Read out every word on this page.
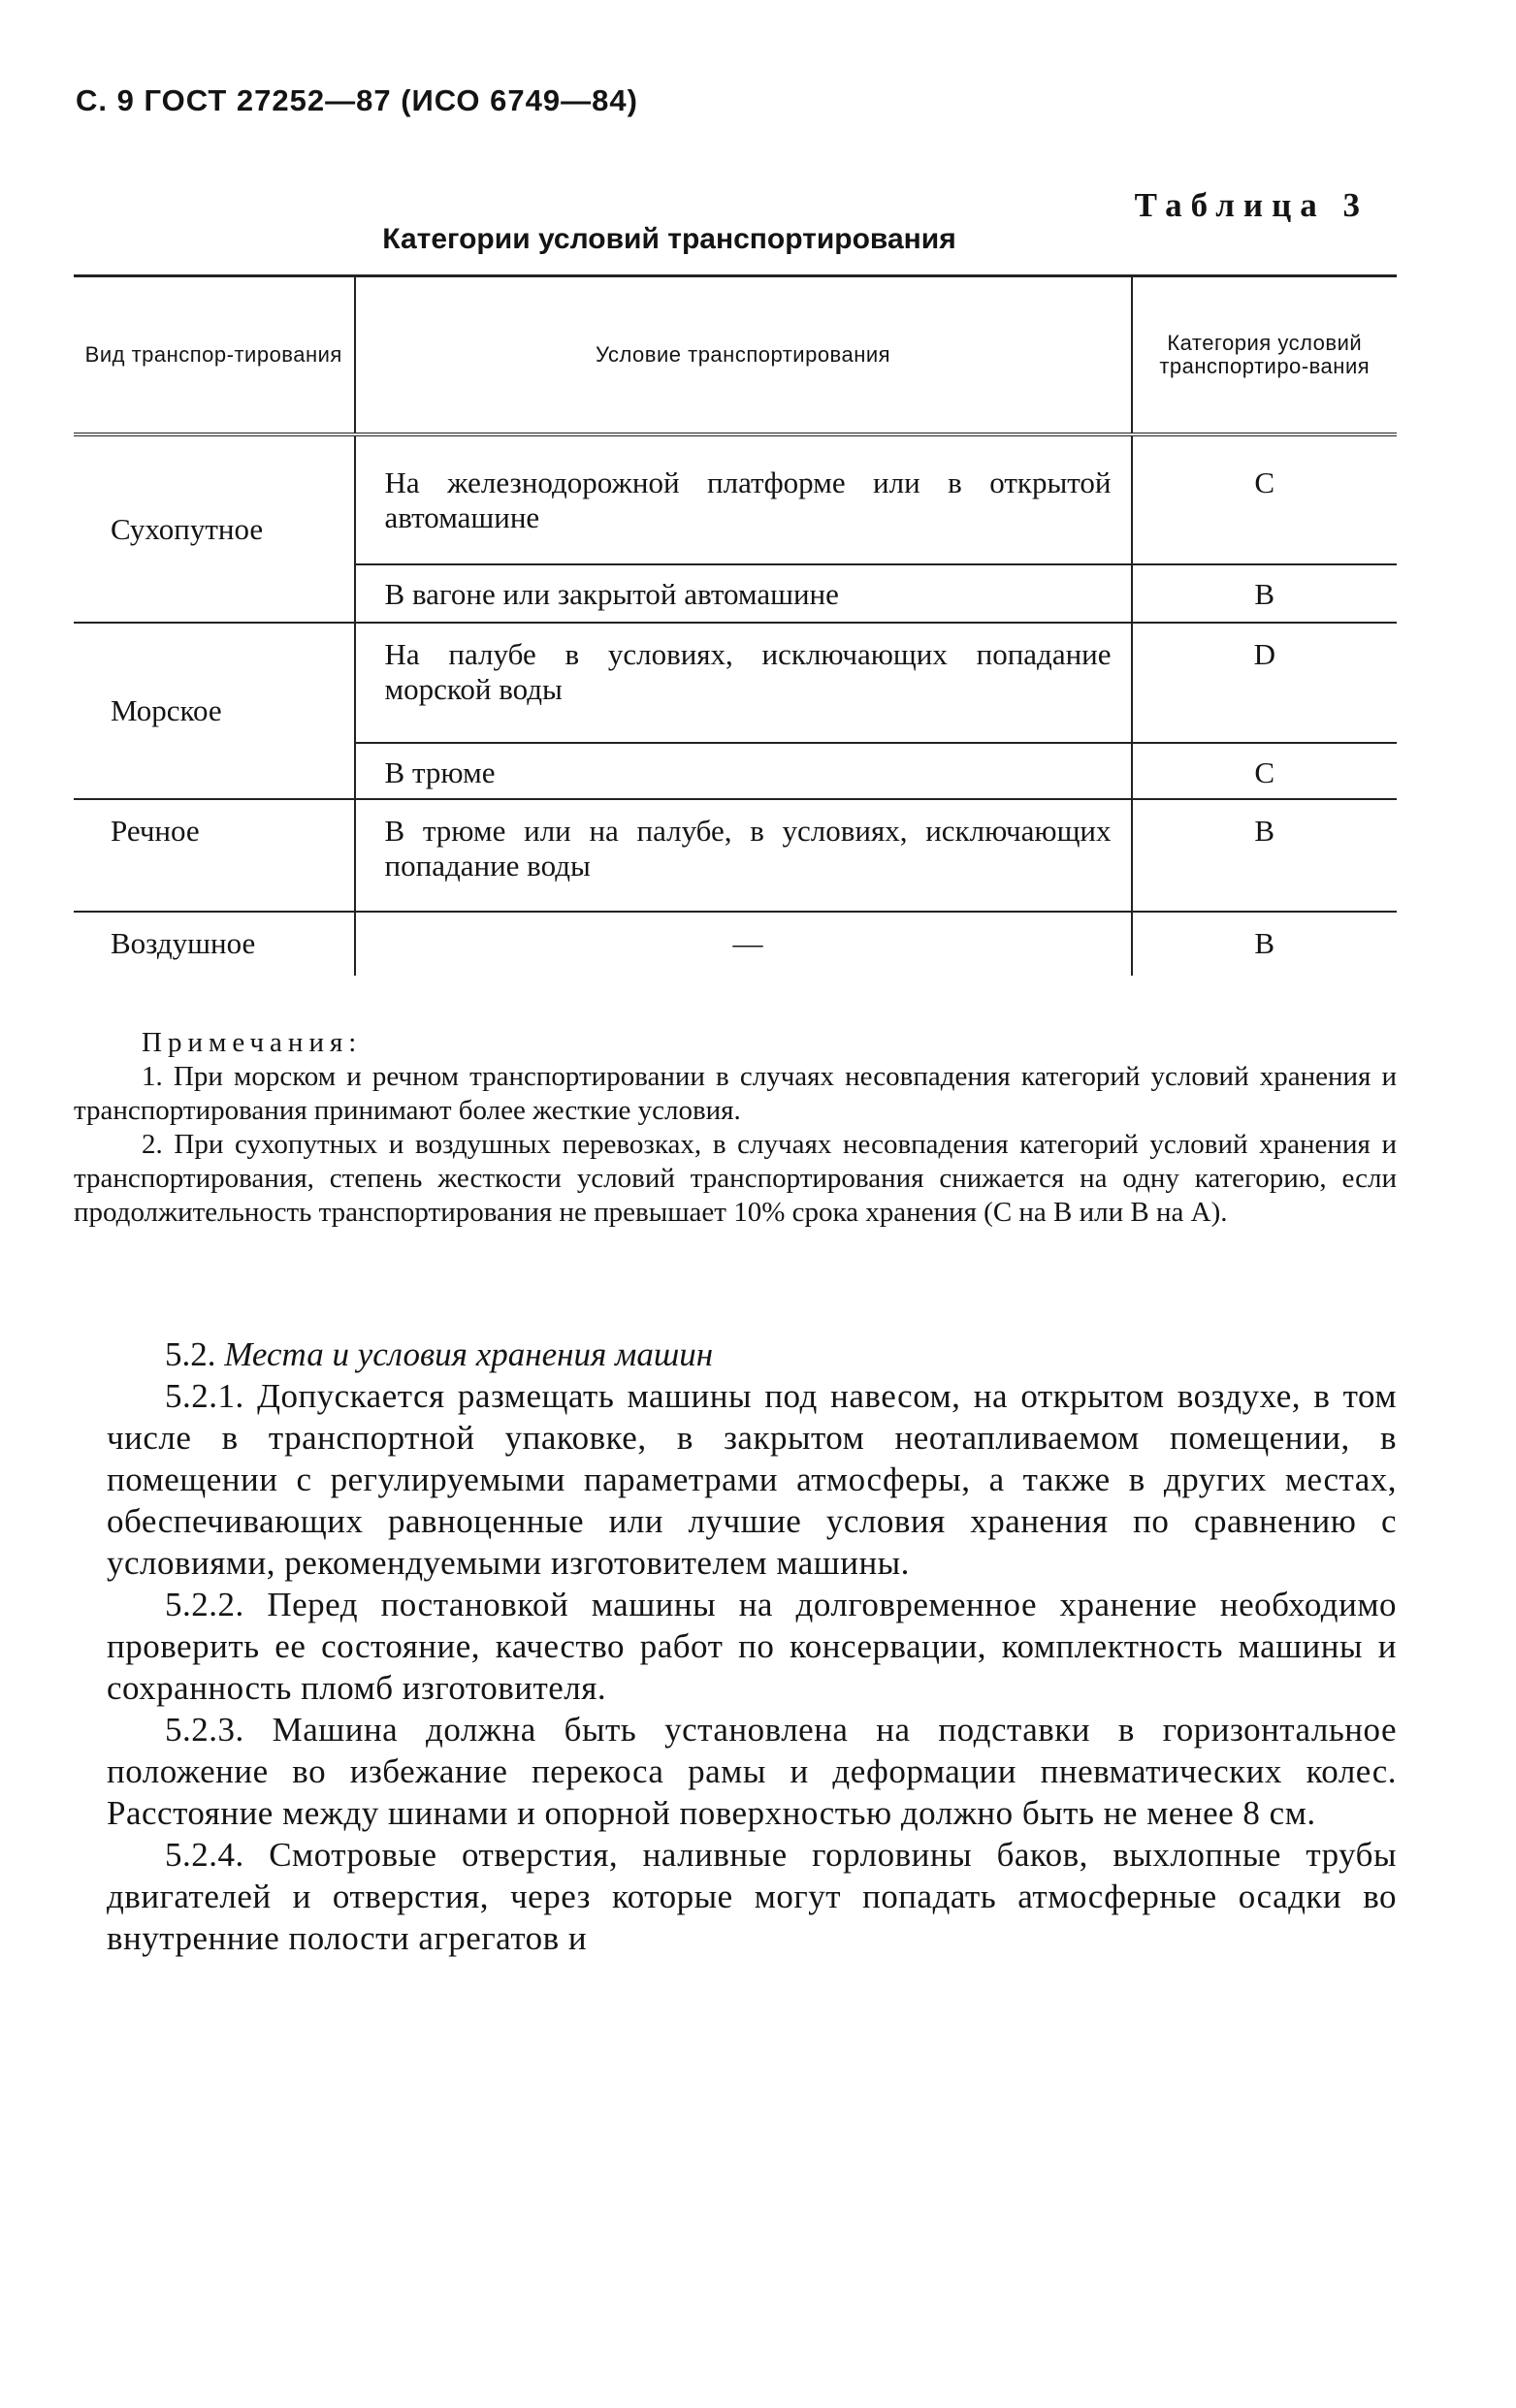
С. 9 ГОСТ 27252—87 (ИСО 6749—84)
Таблица 3
Категории условий транспортирования
Вид транспор-тирования	Условие транспортирования	Категория условий транспортиро-вания
Сухопутное	На железнодорожной платформе или в открытой автомашине	C
	В вагоне или закрытой автомашине	B
Морское	На палубе в условиях, исключающих попадание морской воды	D
	В трюме	C
Речное	В трюме или на палубе, в условиях, исключающих попадание воды	B
Воздушное	—	B
Примечания:

1. При морском и речном транспортировании в случаях несовпадения категорий условий хранения и транспортирования принимают более жесткие условия.

2. При сухопутных и воздушных перевозках, в случаях несовпадения категорий условий хранения и транспортирования, степень жесткости условий транспортирования снижается на одну категорию, если продолжительность транспортирования не превышает 10% срока хранения (С на В или В на А).

5.2. Места и условия хранения машин

5.2.1. Допускается размещать машины под навесом, на открытом воздухе, в том числе в транспортной упаковке, в закрытом неотапливаемом помещении, в помещении с регулируемыми параметрами атмосферы, а также в других местах, обеспечивающих равноценные или лучшие условия хранения по сравнению с условиями, рекомендуемыми изготовителем машины.

5.2.2. Перед постановкой машины на долговременное хранение необходимо проверить ее состояние, качество работ по консервации, комплектность машины и сохранность пломб изготовителя.

5.2.3. Машина должна быть установлена на подставки в горизонтальное положение во избежание перекоса рамы и деформации пневматических колес. Расстояние между шинами и опорной поверхностью должно быть не менее 8 см.

5.2.4. Смотровые отверстия, наливные горловины баков, выхлопные трубы двигателей и отверстия, через которые могут попадать атмосферные осадки во внутренние полости агрегатов и
